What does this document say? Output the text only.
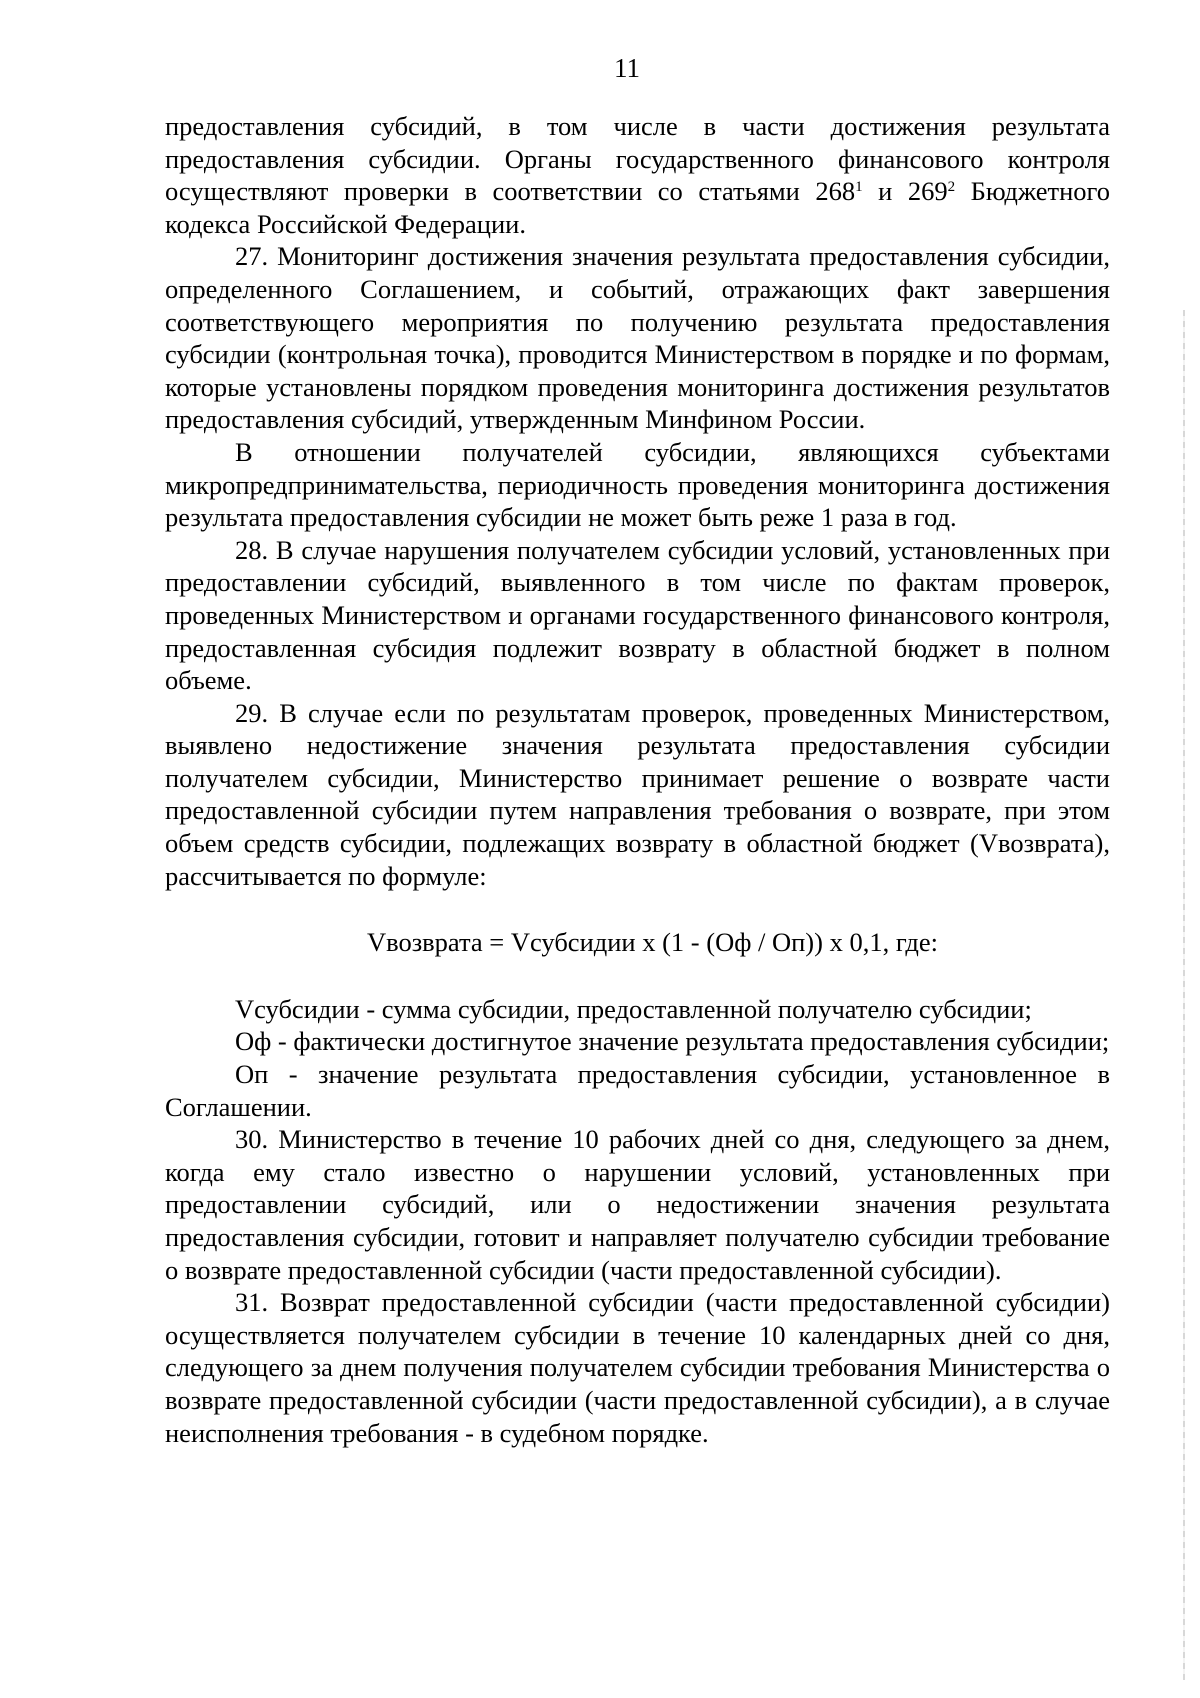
11

предоставления субсидий, в том числе в части достижения результата предоставления субсидии. Органы государственного финансового контроля осуществляют проверки в соответствии со статьями $268^1$ и $269^2$ Бюджетного кодекса Российской Федерации.

27. Мониторинг достижения значения результата предоставления субсидии, определенного Соглашением, и событий, отражающих факт завершения соответствующего мероприятия по получению результата предоставления субсидии (контрольная точка), проводится Министерством в порядке и по формам, которые установлены порядком проведения мониторинга достижения результатов предоставления субсидий, утвержденным Минфином России.

В отношении получателей субсидии, являющихся субъектами микропредпринимательства, периодичность проведения мониторинга достижения результата предоставления субсидии не может быть реже 1 раза в год.

28. В случае нарушения получателем субсидии условий, установленных при предоставлении субсидий, выявленного в том числе по фактам проверок, проведенных Министерством и органами государственного финансового контроля, предоставленная субсидия подлежит возврату в областной бюджет в полном объеме.

29. В случае если по результатам проверок, проведенных Министерством, выявлено недостижение значения результата предоставления субсидии получателем субсидии, Министерство принимает решение о возврате части предоставленной субсидии путем направления требования о возврате, при этом объем средств субсидии, подлежащих возврату в областной бюджет (Vвозврата), рассчитывается по формуле:

Vвозврата = Vсубсидии x (1 - (Оф / Оп)) x 0,1, где:

Vсубсидии - сумма субсидии, предоставленной получателю субсидии;

Оф - фактически достигнутое значение результата предоставления субсидии;

Оп - значение результата предоставления субсидии, установленное в Соглашении.

30. Министерство в течение 10 рабочих дней со дня, следующего за днем, когда ему стало известно о нарушении условий, установленных при предоставлении субсидий, или о недостижении значения результата предоставления субсидии, готовит и направляет получателю субсидии требование о возврате предоставленной субсидии (части предоставленной субсидии).

31. Возврат предоставленной субсидии (части предоставленной субсидии) осуществляется получателем субсидии в течение 10 календарных дней со дня, следующего за днем получения получателем субсидии требования Министерства о возврате предоставленной субсидии (части предоставленной субсидии), а в случае неисполнения требования - в судебном порядке.
